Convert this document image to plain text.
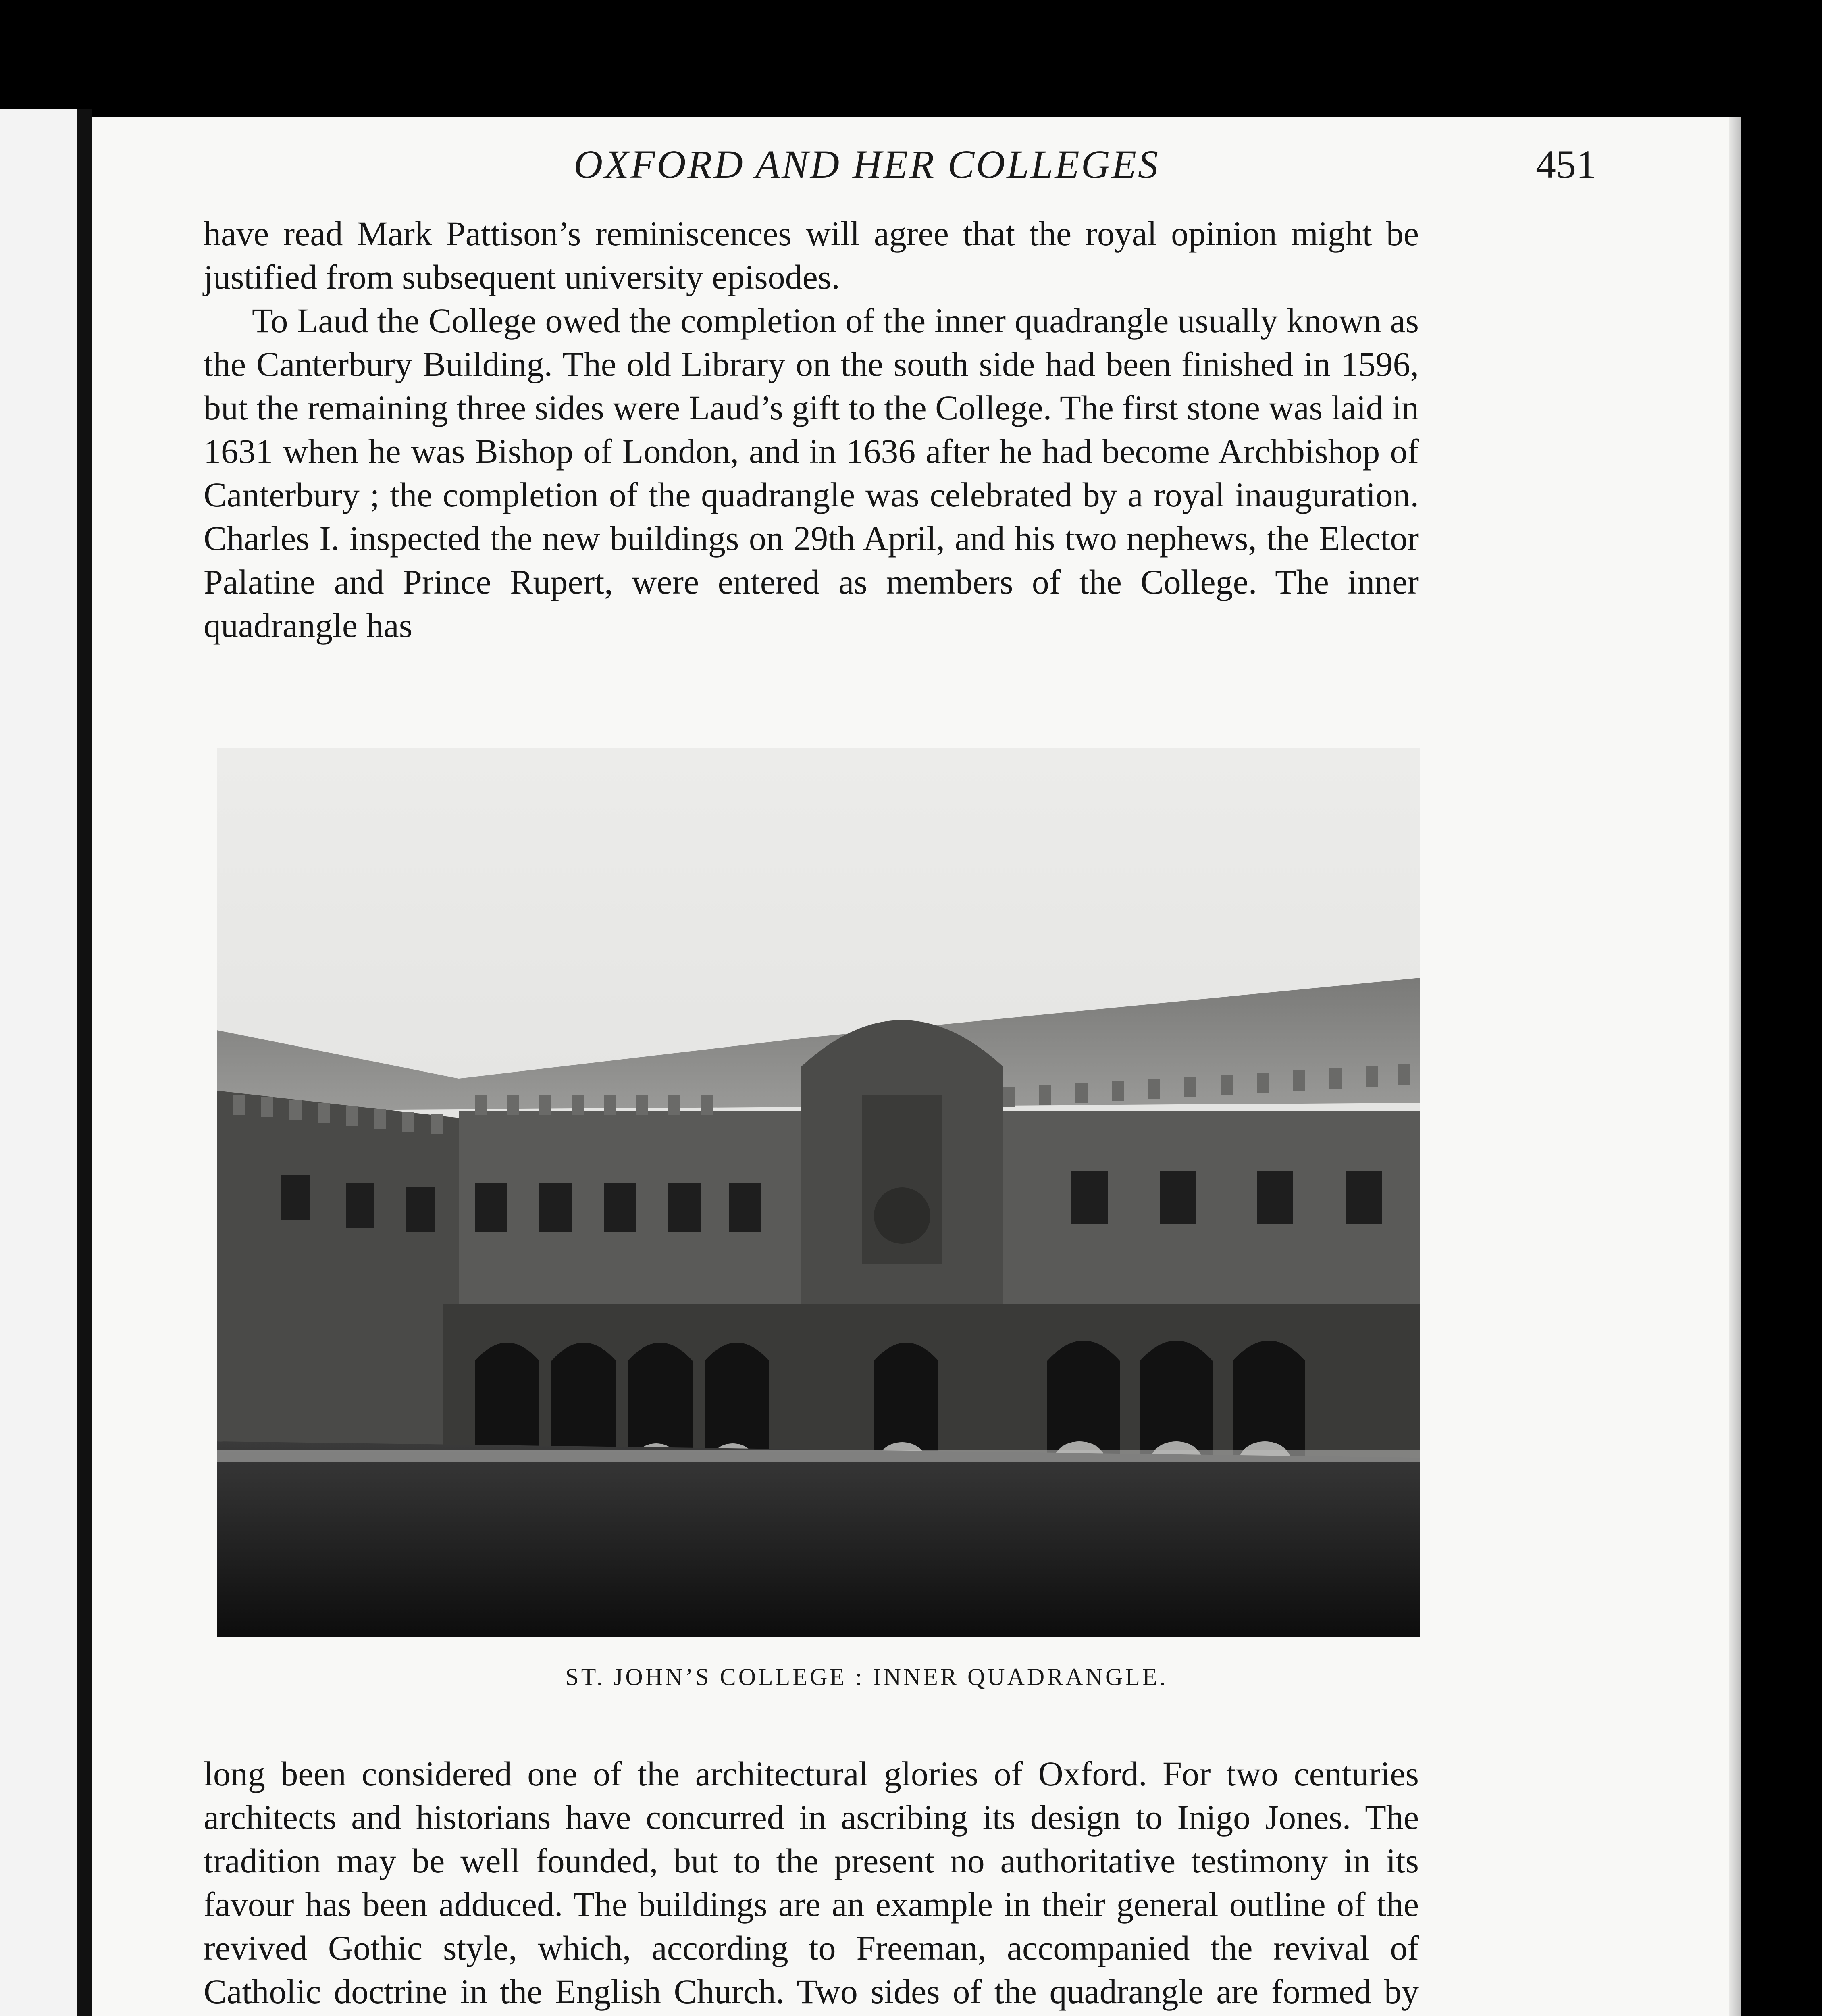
OXFORD AND HER COLLEGES	451

have read Mark Pattison’s reminiscences will agree that the royal opinion might be justified from subsequent university episodes.

To Laud the College owed the completion of the inner quadrangle usually known as the Canterbury Building. The old Library on the south side had been finished in 1596, but the remaining three sides were Laud’s gift to the College. The first stone was laid in 1631 when he was Bishop of London, and in 1636 after he had become Archbishop of Canterbury ; the completion of the quadrangle was celebrated by a royal inauguration. Charles I. inspected the new buildings on 29th April, and his two nephews, the Elector Palatine and Prince Rupert, were entered as members of the College. The inner quadrangle has

ST. JOHN’S COLLEGE : INNER QUADRANGLE.

long been considered one of the architectural glories of Oxford. For two centuries architects and historians have concurred in ascribing its design to Inigo Jones. The tradition may be well founded, but to the present no authoritative testimony in its favour has been adduced. The buildings are an example in their general outline of the revived Gothic style, which, according to Freeman, accompanied the revival of Catholic doctrine in the English Church. Two sides of the quadrangle are formed by
